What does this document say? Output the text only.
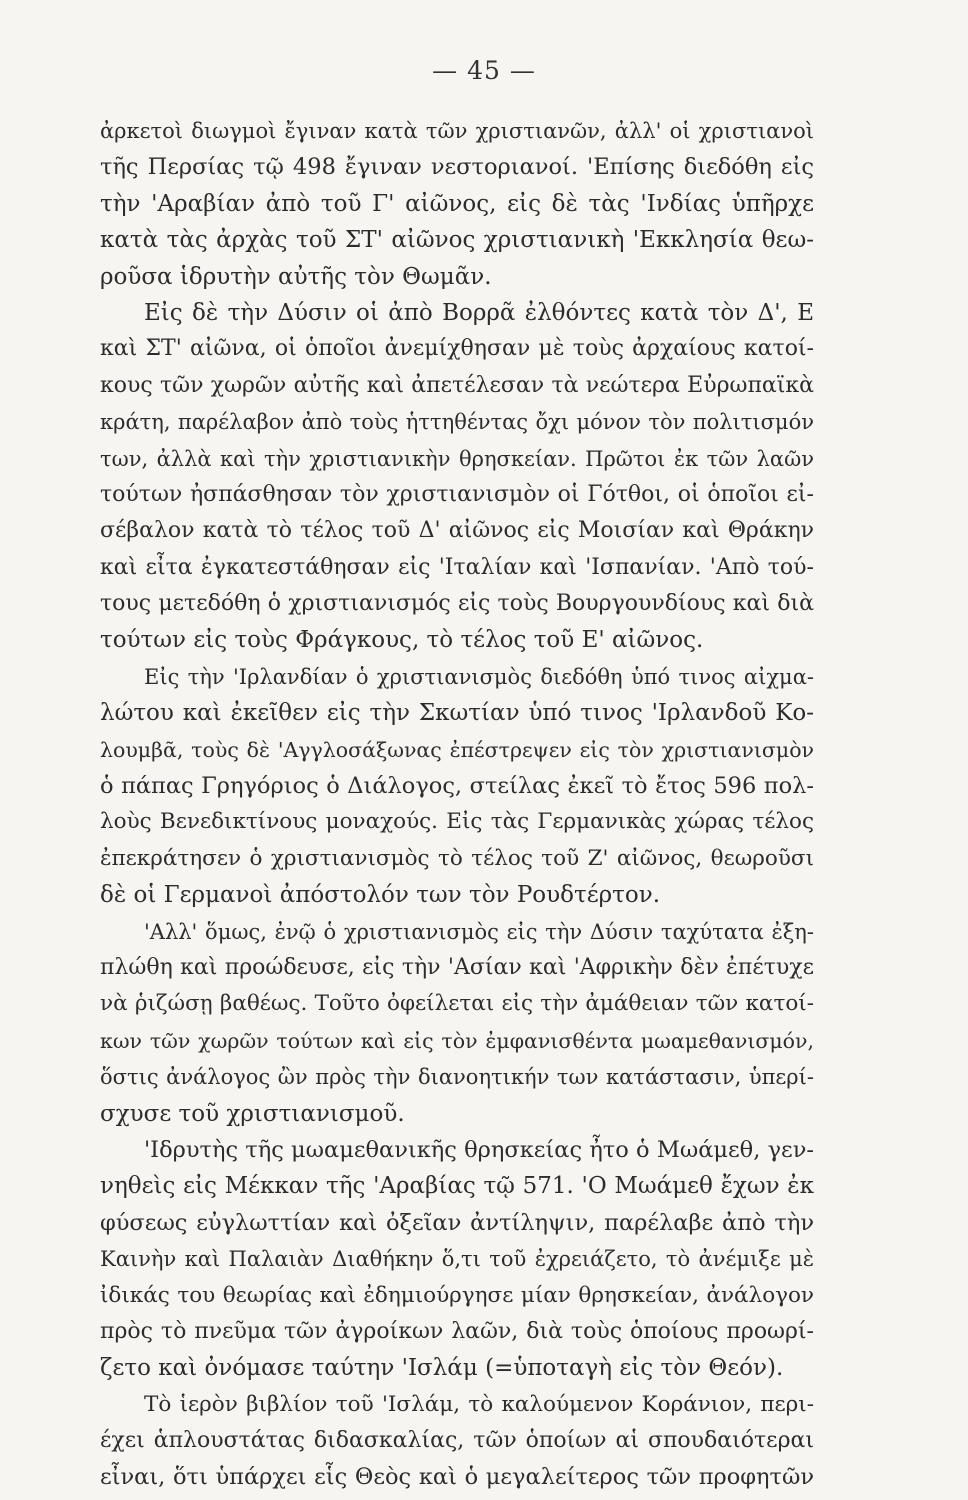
— 45 —
ἀρκετοὶ διωγμοὶ ἔγιναν κατὰ τῶν χριστιανῶν, ἀλλ' οἱ χριστιανοὶ
τῆς Περσίας τῷ 498 ἔγιναν νεστοριανοί. 'Επίσης διεδόθη εἰς
τὴν 'Αραβίαν ἀπὸ τοῦ Γ' αἰῶνος, εἰς δὲ τὰς 'Ινδίας ὑπῆρχε
κατὰ τὰς ἀρχὰς τοῦ ΣΤ' αἰῶνος χριστιανικὴ 'Εκκλησία θεω-
ροῦσα ἱδρυτὴν αὐτῆς τὸν Θωμᾶν.
Εἰς δὲ τὴν Δύσιν οἱ ἀπὸ Βορρᾶ ἐλθόντες κατὰ τὸν Δ', Ε
καὶ ΣΤ' αἰῶνα, οἱ ὁποῖοι ἀνεμίχθησαν μὲ τοὺς ἀρχαίους κατοί-
κους τῶν χωρῶν αὐτῆς καὶ ἀπετέλεσαν τὰ νεώτερα Εὐρωπαϊκὰ
κράτη, παρέλαβον ἀπὸ τοὺς ἡττηθέντας ὄχι μόνον τὸν πολιτισμόν
των, ἀλλὰ καὶ τὴν χριστιανικὴν θρησκείαν. Πρῶτοι ἐκ τῶν λαῶν
τούτων ἠσπάσθησαν τὸν χριστιανισμὸν οἱ Γότθοι, οἱ ὁποῖοι εἰ-
σέβαλον κατὰ τὸ τέλος τοῦ Δ' αἰῶνος εἰς Μοισίαν καὶ Θράκην
καὶ εἶτα ἐγκατεστάθησαν εἰς 'Ιταλίαν καὶ 'Ισπανίαν. 'Απὸ τού-
τους μετεδόθη ὁ χριστιανισμός εἰς τοὺς Βουργουνδίους καὶ διὰ
τούτων εἰς τοὺς Φράγκους, τὸ τέλος τοῦ Ε' αἰῶνος.
Εἰς τὴν 'Ιρλανδίαν ὁ χριστιανισμὸς διεδόθη ὑπό τινος αἰχμα-
λώτου καὶ ἐκεῖθεν εἰς τὴν Σκωτίαν ὑπό τινος 'Ιρλανδοῦ Κο-
λουμβᾶ, τοὺς δὲ 'Αγγλοσάξωνας ἐπέστρεψεν εἰς τὸν χριστιανισμὸν
ὁ πάπας Γρηγόριος ὁ Διάλογος, στείλας ἐκεῖ τὸ ἔτος 596 πολ-
λοὺς Βενεδικτίνους μοναχούς. Εἰς τὰς Γερμανικὰς χώρας τέλος
ἐπεκράτησεν ὁ χριστιανισμὸς τὸ τέλος τοῦ Ζ' αἰῶνος, θεωροῦσι
δὲ οἱ Γερμανοὶ ἀπόστολόν των τὸν Ρουδτέρτον.
'Αλλ' ὅμως, ἐνῷ ὁ χριστιανισμὸς εἰς τὴν Δύσιν ταχύτατα ἐξη-
πλώθη καὶ προώδευσε, εἰς τὴν 'Ασίαν καὶ 'Αφρικὴν δὲν ἐπέτυχε
νὰ ῥιζώσῃ βαθέως. Τοῦτο ὀφείλεται εἰς τὴν ἀμάθειαν τῶν κατοί-
κων τῶν χωρῶν τούτων καὶ εἰς τὸν ἐμφανισθέντα μωαμεθανισμόν,
ὅστις ἀνάλογος ὢν πρὸς τὴν διανοητικήν των κατάστασιν, ὑπερί-
σχυσε τοῦ χριστιανισμοῦ.
'Ιδρυτὴς τῆς μωαμεθανικῆς θρησκείας ἦτο ὁ Μωάμεθ, γεν-
νηθεὶς εἰς Μέκκαν τῆς 'Αραβίας τῷ 571. 'Ο Μωάμεθ ἔχων ἐκ
φύσεως εὐγλωττίαν καὶ ὀξεῖαν ἀντίληψιν, παρέλαβε ἀπὸ τὴν
Καινὴν καὶ Παλαιὰν Διαθήκην ὅ,τι τοῦ ἐχρειάζετο, τὸ ἀνέμιξε μὲ
ἰδικάς του θεωρίας καὶ ἐδημιούργησε μίαν θρησκείαν, ἀνάλογον
πρὸς τὸ πνεῦμα τῶν ἀγροίκων λαῶν, διὰ τοὺς ὁποίους προωρί-
ζετο καὶ ὀνόμασε ταύτην 'Ισλάμ (=ὑποταγὴ εἰς τὸν Θεόν).
Τὸ ἱερὸν βιβλίον τοῦ 'Ισλάμ, τὸ καλούμενον Κοράνιον, περι-
έχει ἁπλουστάτας διδασκαλίας, τῶν ὁποίων αἱ σπουδαιότεραι
εἶναι, ὅτι ὑπάρχει εἷς Θεὸς καὶ ὁ μεγαλείτερος τῶν προφητῶν
